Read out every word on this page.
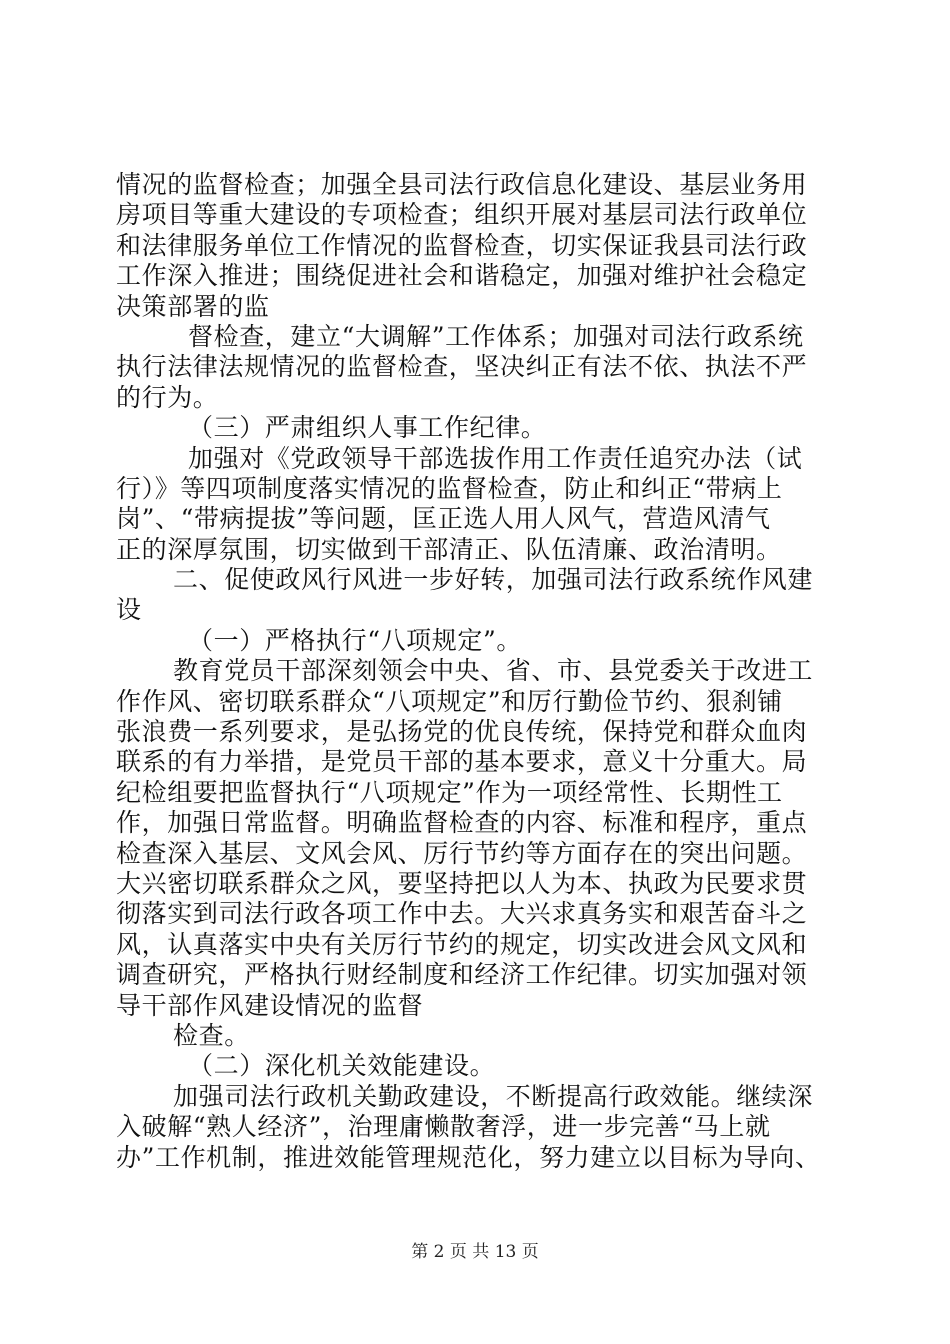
情况的监督检查；加强全县司法行政信息化建设、基层业务用
房项目等重大建设的专项检查；组织开展对基层司法行政单位
和法律服务单位工作情况的监督检查，切实保证我县司法行政
工作深入推进；围绕促进社会和谐稳定，加强对维护社会稳定
决策部署的监
督检查，建立“大调解”工作体系；加强对司法行政系统
执行法律法规情况的监督检查，坚决纠正有法不依、执法不严
的行为。
（三）严肃组织人事工作纪律。
加强对《党政领导干部选拔作用工作责任追究办法（试
行）》等四项制度落实情况的监督检查，防止和纠正“带病上
岗”、“带病提拔”等问题，匡正选人用人风气，营造风清气
正的深厚氛围，切实做到干部清正、队伍清廉、政治清明。
二、促使政风行风进一步好转，加强司法行政系统作风建
设
（一）严格执行“八项规定”。
教育党员干部深刻领会中央、省、市、县党委关于改进工
作作风、密切联系群众“八项规定”和厉行勤俭节约、狠刹铺
张浪费一系列要求，是弘扬党的优良传统，保持党和群众血肉
联系的有力举措，是党员干部的基本要求，意义十分重大。局
纪检组要把监督执行“八项规定”作为一项经常性、长期性工
作，加强日常监督。明确监督检查的内容、标准和程序，重点
检查深入基层、文风会风、厉行节约等方面存在的突出问题。
大兴密切联系群众之风，要坚持把以人为本、执政为民要求贯
彻落实到司法行政各项工作中去。大兴求真务实和艰苦奋斗之
风，认真落实中央有关厉行节约的规定，切实改进会风文风和
调查研究，严格执行财经制度和经济工作纪律。切实加强对领
导干部作风建设情况的监督
检查。
（二）深化机关效能建设。
加强司法行政机关勤政建设，不断提高行政效能。继续深
入破解“熟人经济”，治理庸懒散奢浮，进一步完善“马上就
办”工作机制，推进效能管理规范化，努力建立以目标为导向、
第 2 页 共 13 页
